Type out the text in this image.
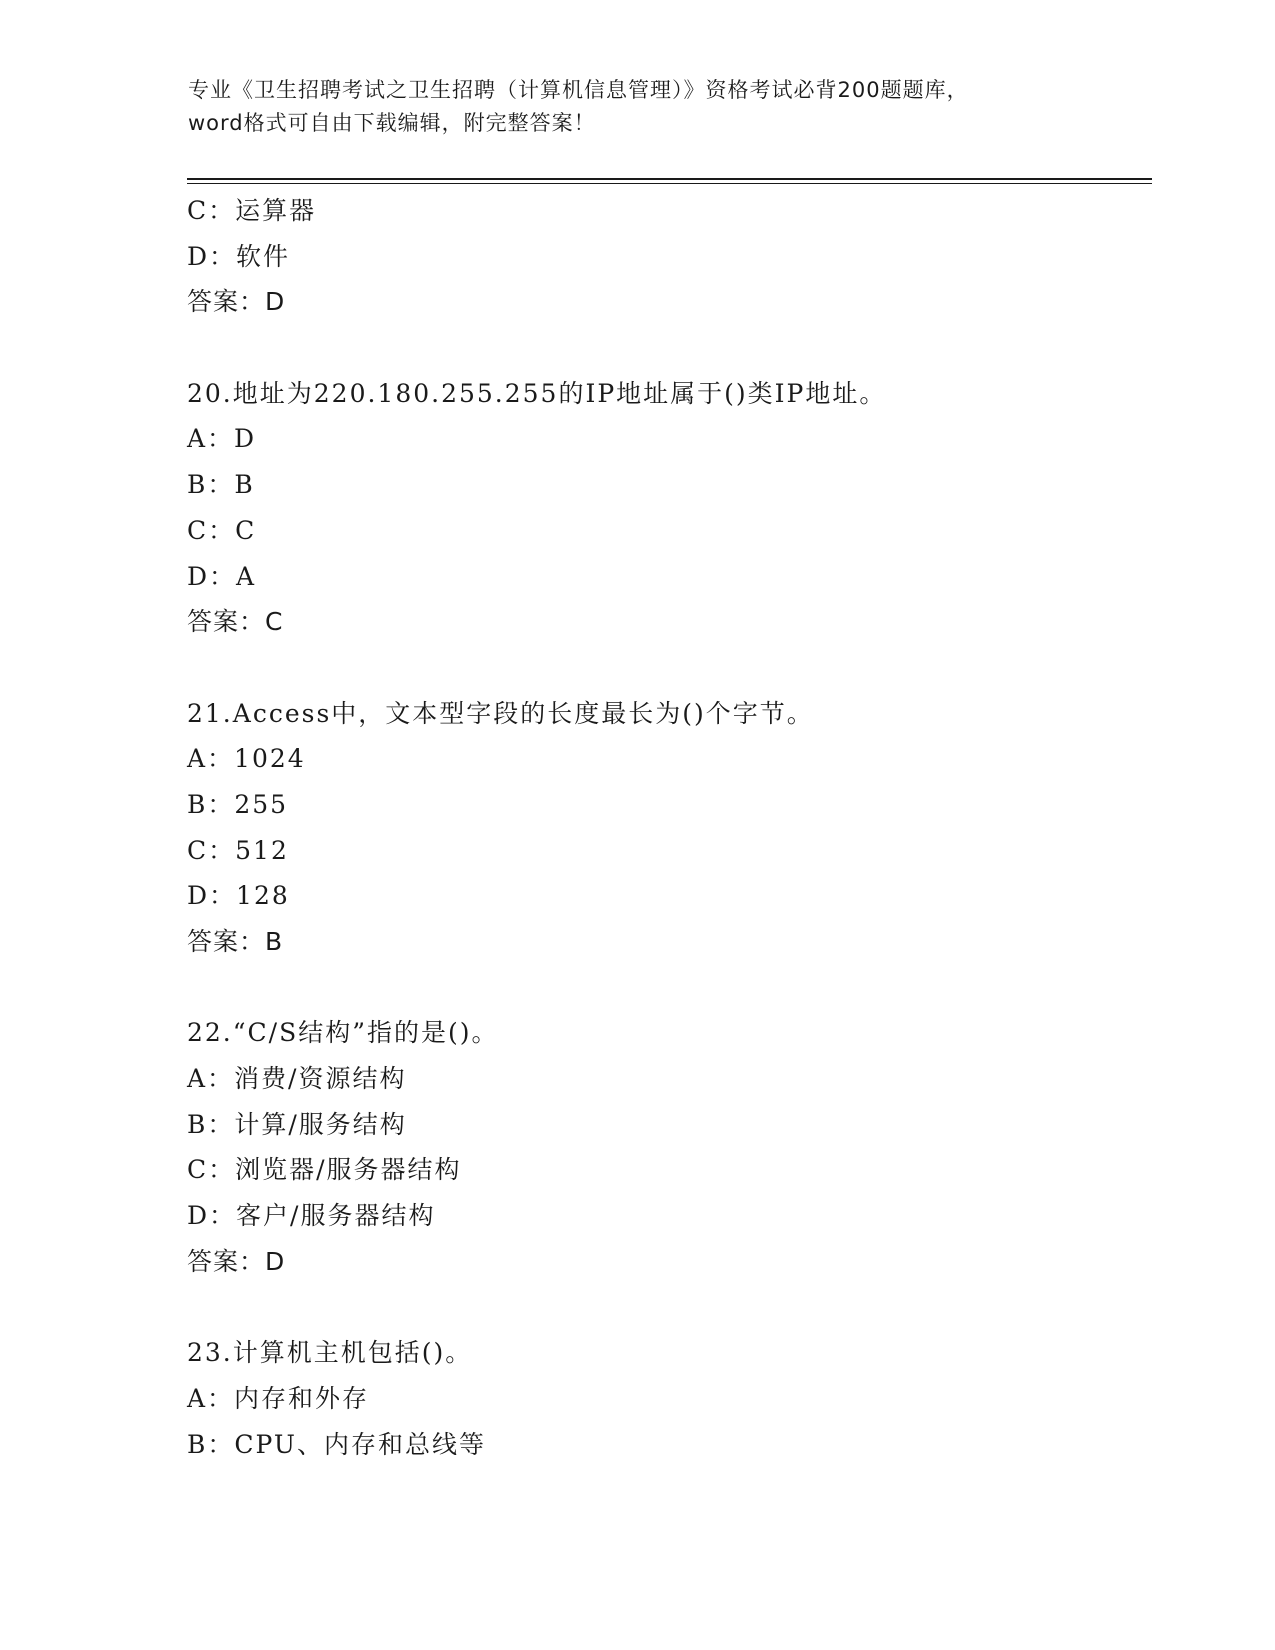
专业《卫生招聘考试之卫生招聘（计算机信息管理）》资格考试必背200题题库，
word格式可自由下载编辑，附完整答案！
C：运算器
D：软件
答案：D
20.地址为220.180.255.255的IP地址属于()类IP地址。
A：D
B：B
C：C
D：A
答案：C
21.Access中，文本型字段的长度最长为()个字节。
A：1024
B：255
C：512
D：128
答案：B
22.“C/S结构”指的是()。
A：消费/资源结构
B：计算/服务结构
C：浏览器/服务器结构
D：客户/服务器结构
答案：D
23.计算机主机包括()。
A：内存和外存
B：CPU、内存和总线等
